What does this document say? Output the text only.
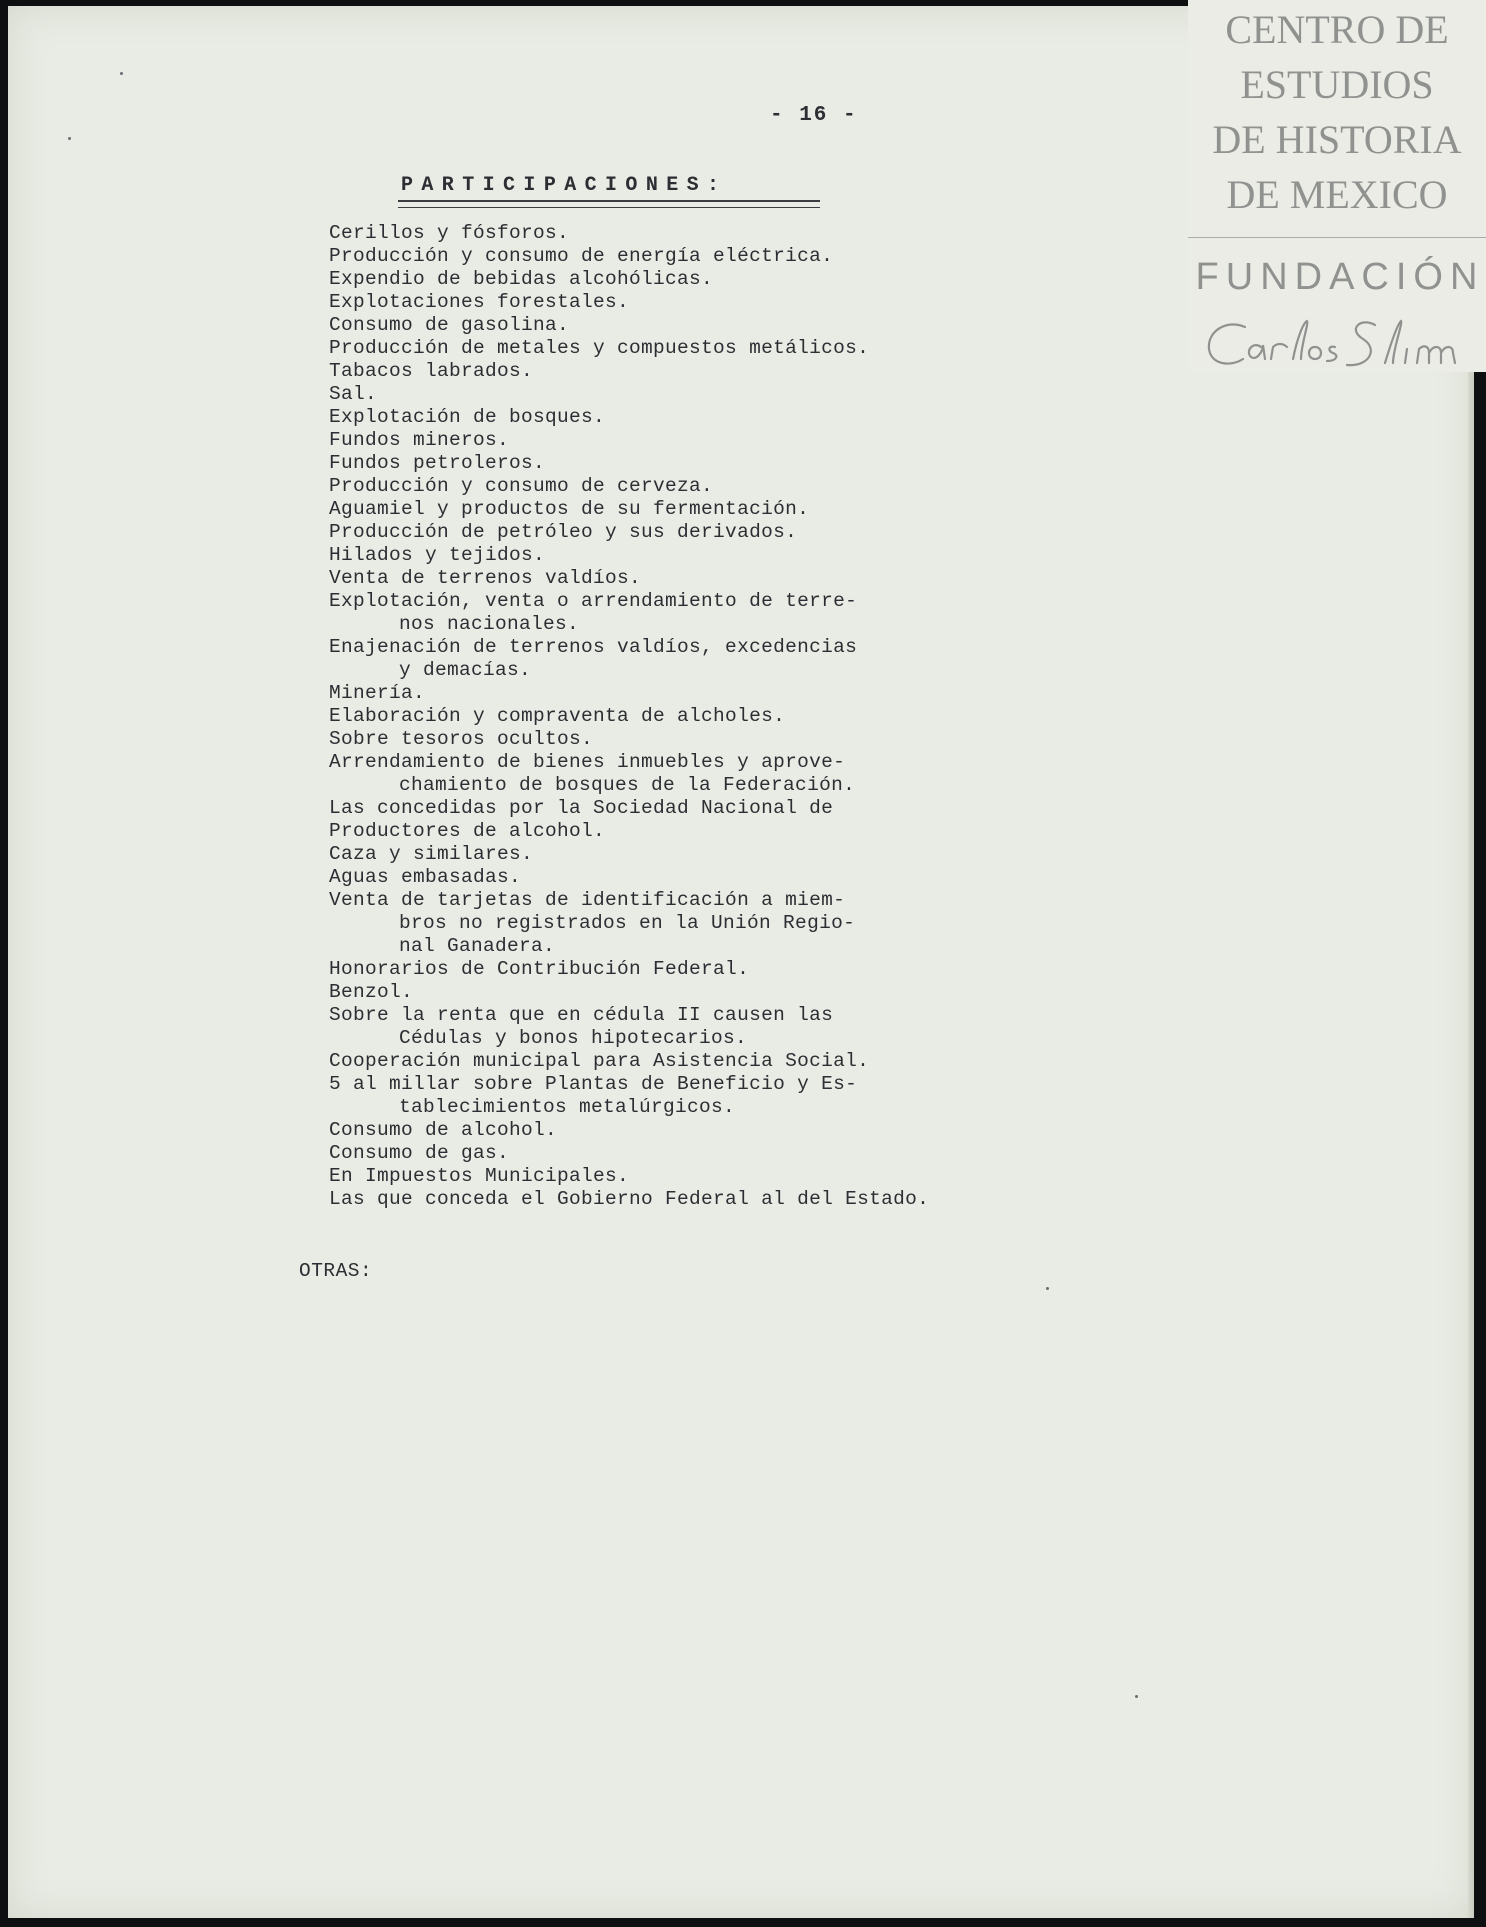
CENTRO DE
ESTUDIOS
DE HISTORIA
DE MEXICO
FUNDACIÓN
- 16 -
PARTICIPACIONES:
Cerillos y fósforos.
Producción y consumo de energía eléctrica.
Expendio de bebidas alcohólicas.
Explotaciones forestales.
Consumo de gasolina.
Producción de metales y compuestos metálicos.
Tabacos labrados.
Sal.
Explotación de bosques.
Fundos mineros.
Fundos petroleros.
Producción y consumo de cerveza.
Aguamiel y productos de su fermentación.
Producción de petróleo y sus derivados.
Hilados y tejidos.
Venta de terrenos valdíos.
Explotación, venta o arrendamiento de terre-
nos nacionales.
Enajenación de terrenos valdíos, excedencias
y demacías.
Minería.
Elaboración y compraventa de alcholes.
Sobre tesoros ocultos.
Arrendamiento de bienes inmuebles y aprove-
chamiento de bosques de la Federación.
Las concedidas por la Sociedad Nacional de
Productores de alcohol.
Caza y similares.
Aguas embasadas.
Venta de tarjetas de identificación a miem-
bros no registrados en la Unión Regio-
nal Ganadera.
Honorarios de Contribución Federal.
Benzol.
Sobre la renta que en cédula II causen las
Cédulas y bonos hipotecarios.
Cooperación municipal para Asistencia Social.
5 al millar sobre Plantas de Beneficio y Es-
tablecimientos metalúrgicos.
Consumo de alcohol.
Consumo de gas.
En Impuestos Municipales.
Las que conceda el Gobierno Federal al del Estado.
OTRAS:
